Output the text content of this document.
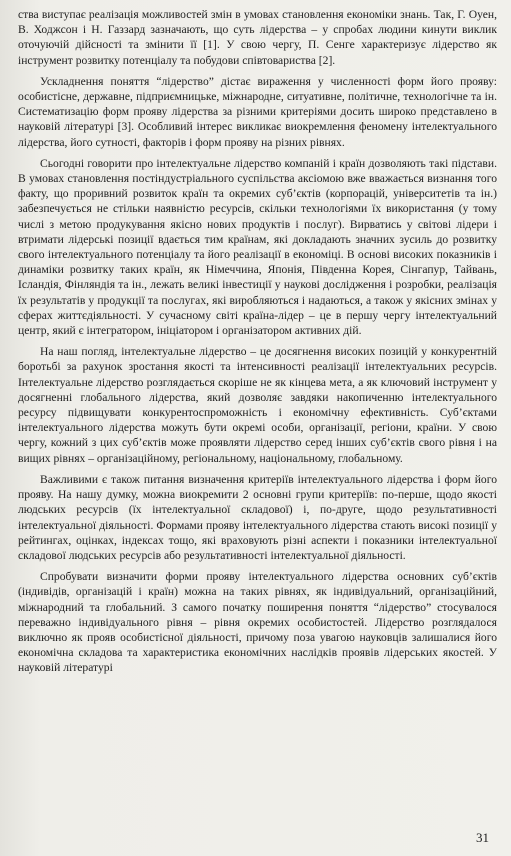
ства виступає реалізація можливостей змін в умовах становлення економіки знань. Так, Г. Оуен, В. Ходжсон і Н. Газзард зазначають, що суть лідерства – у спробах людини кинути виклик оточуючій дійсності та змінити її [1]. У свою чергу, П. Сенге характеризує лідерство як інструмент розвитку потенціалу та побудови співтовариства [2].

Ускладнення поняття “лідерство” дістає вираження у численності форм його прояву: особистісне, державне, підприємницьке, міжнародне, ситуативне, політичне, технологічне та ін. Систематизацію форм прояву лідерства за різними критеріями досить широко представлено в науковій літературі [3]. Особливий інтерес викликає виокремлення феномену інтелектуального лідерства, його сутності, факторів і форм прояву на різних рівнях.

Сьогодні говорити про інтелектуальне лідерство компаній і країн дозволяють такі підстави. В умовах становлення постіндустріального суспільства аксіомою вже вважається визнання того факту, що проривний розвиток країн та окремих суб’єктів (корпорацій, університетів та ін.) забезпечується не стільки наявністю ресурсів, скільки технологіями їх використання (у тому числі з метою продукування якісно нових продуктів і послуг). Вирватись у світові лідери і втримати лідерські позиції вдається тим країнам, які докладають значних зусиль до розвитку свого інтелектуального потенціалу та його реалізації в економіці. В основі високих показників і динаміки розвитку таких країн, як Німеччина, Японія, Південна Корея, Сінгапур, Тайвань, Ісландія, Фінляндія та ін., лежать великі інвестиції у наукові дослідження і розробки, реалізація їх результатів у продукції та послугах, які виробляються і надаються, а також у якісних змінах у сферах життєдіяльності. У сучасному світі країна-лідер – це в першу чергу інтелектуальний центр, який є інтегратором, ініціатором і організатором активних дій.

На наш погляд, інтелектуальне лідерство – це досягнення високих позицій у конкурентній боротьбі за рахунок зростання якості та інтенсивності реалізації інтелектуальних ресурсів. Інтелектуальне лідерство розглядається скоріше не як кінцева мета, а як ключовий інструмент у досягненні глобального лідерства, який дозволяє завдяки накопиченню інтелектуального ресурсу підвищувати конкурентоспроможність і економічну ефективність. Суб’єктами інтелектуального лідерства можуть бути окремі особи, організації, регіони, країни. У свою чергу, кожний з цих суб’єктів може проявляти лідерство серед інших суб’єктів свого рівня і на вищих рівнях – організаційному, регіональному, національному, глобальному.

Важливими є також питання визначення критеріїв інтелектуального лідерства і форм його прояву. На нашу думку, можна виокремити 2 основні групи критеріїв: по-перше, щодо якості людських ресурсів (їх інтелектуальної складової) і, по-друге, щодо результативності інтелектуальної діяльності. Формами прояву інтелектуального лідерства стають високі позиції у рейтингах, оцінках, індексах тощо, які враховують різні аспекти і показники інтелектуальної складової людських ресурсів або результативності інтелектуальної діяльності.

Спробувати визначити форми прояву інтелектуального лідерства основних суб’єктів (індивідів, організацій і країн) можна на таких рівнях, як індивідуальний, організаційний, міжнародний та глобальний. З самого початку поширення поняття “лідерство” стосувалося переважно індивідуального рівня – рівня окремих особистостей. Лідерство розглядалося виключно як прояв особистісної діяльності, причому поза увагою науковців залишалися його економічна складова та характеристика економічних наслідків проявів лідерських якостей. У науковій літературі

31
